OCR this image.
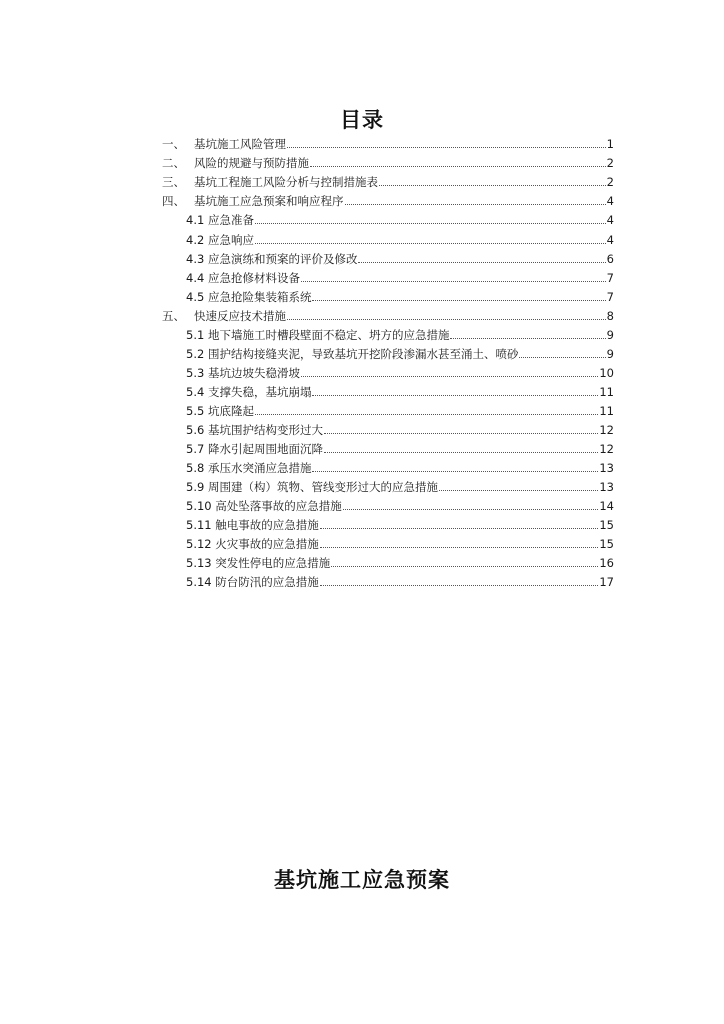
目录
一、 基坑施工风险管理	1
二、 风险的规避与预防措施	2
三、 基坑工程施工风险分析与控制措施表	2
四、 基坑施工应急预案和响应程序	4
4.1 应急准备	4
4.2 应急响应	4
4.3 应急演练和预案的评价及修改	6
4.4 应急抢修材料设备	7
4.5 应急抢险集装箱系统	7
五、 快速反应技术措施	8
5.1 地下墙施工时槽段壁面不稳定、坍方的应急措施	9
5.2 围护结构接缝夹泥，导致基坑开挖阶段渗漏水甚至涌土、喷砂	9
5.3 基坑边坡失稳滑坡	10
5.4 支撑失稳，基坑崩塌	11
5.5 坑底隆起	11
5.6 基坑围护结构变形过大	12
5.7 降水引起周围地面沉降	12
5.8 承压水突涌应急措施	13
5.9 周围建（构）筑物、管线变形过大的应急措施	13
5.10 高处坠落事故的应急措施	14
5.11 触电事故的应急措施	15
5.12 火灾事故的应急措施	15
5.13 突发性停电的应急措施	16
5.14 防台防汛的应急措施	17
基坑施工应急预案
